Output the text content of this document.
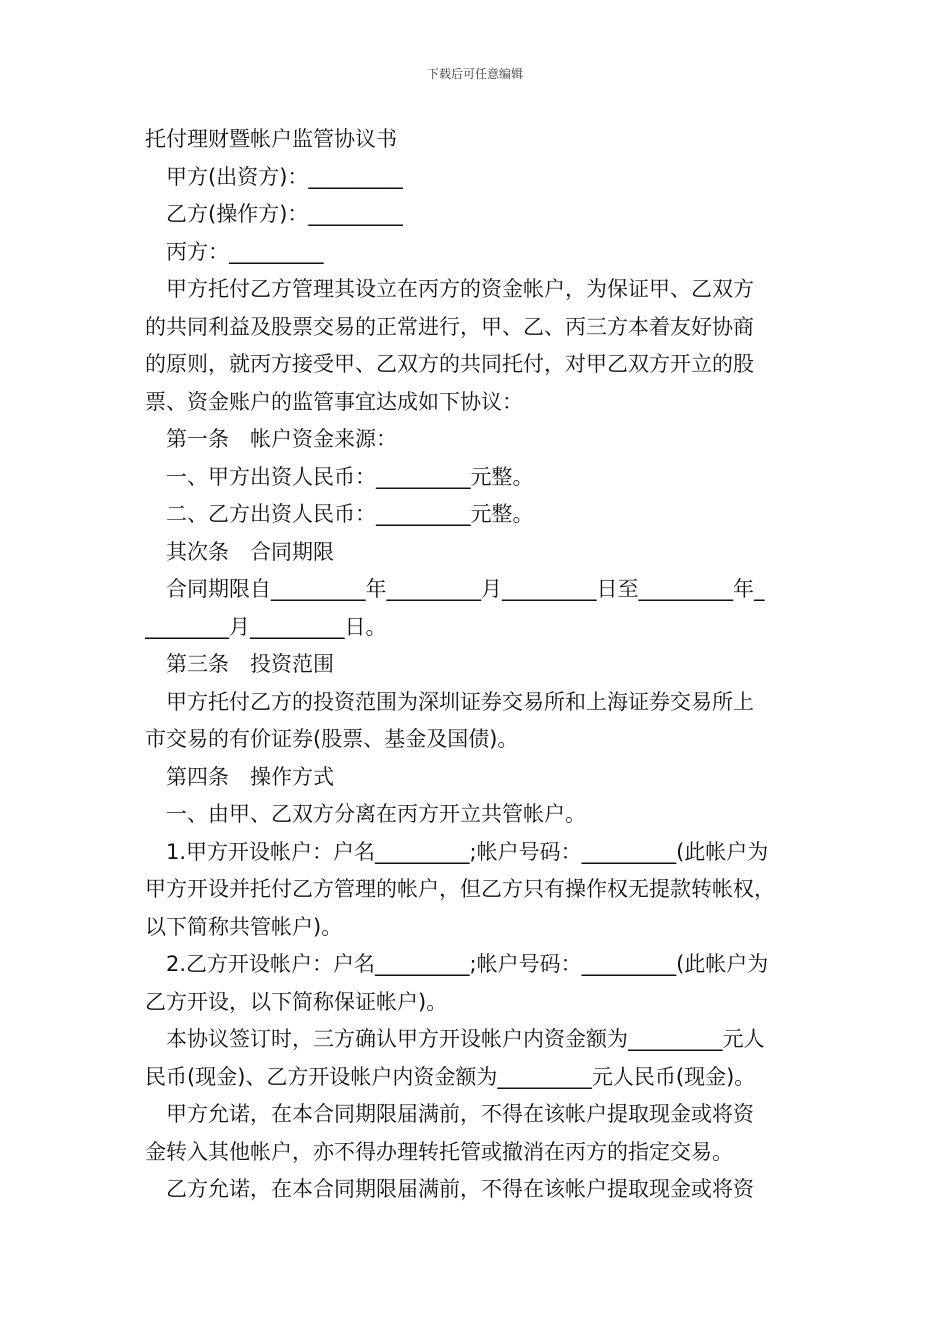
下载后可任意编辑
托付理财暨帐户监管协议书
甲方(出资方)：_________
乙方(操作方)：_________
丙方：_________
甲方托付乙方管理其设立在丙方的资金帐户，为保证甲、乙双方
的共同利益及股票交易的正常进行，甲、乙、丙三方本着友好协商
的原则，就丙方接受甲、乙双方的共同托付，对甲乙双方开立的股
票、资金账户的监管事宜达成如下协议：
第一条　帐户资金来源：
一、甲方出资人民币：_________元整。
二、乙方出资人民币：_________元整。
其次条　合同期限
合同期限自_________年_________月_________日至_________年_
________月_________日。
第三条　投资范围
甲方托付乙方的投资范围为深圳证券交易所和上海证券交易所上
市交易的有价证券(股票、基金及国债)。
第四条　操作方式
一、由甲、乙双方分离在丙方开立共管帐户。
1.甲方开设帐户：户名_________;帐户号码：_________(此帐户为
甲方开设并托付乙方管理的帐户，但乙方只有操作权无提款转帐权，
以下简称共管帐户)。
2.乙方开设帐户：户名_________;帐户号码：_________(此帐户为
乙方开设，以下简称保证帐户)。
本协议签订时，三方确认甲方开设帐户内资金额为_________元人
民币(现金)、乙方开设帐户内资金额为_________元人民币(现金)。
甲方允诺，在本合同期限届满前，不得在该帐户提取现金或将资
金转入其他帐户，亦不得办理转托管或撤消在丙方的指定交易。
乙方允诺，在本合同期限届满前，不得在该帐户提取现金或将资
